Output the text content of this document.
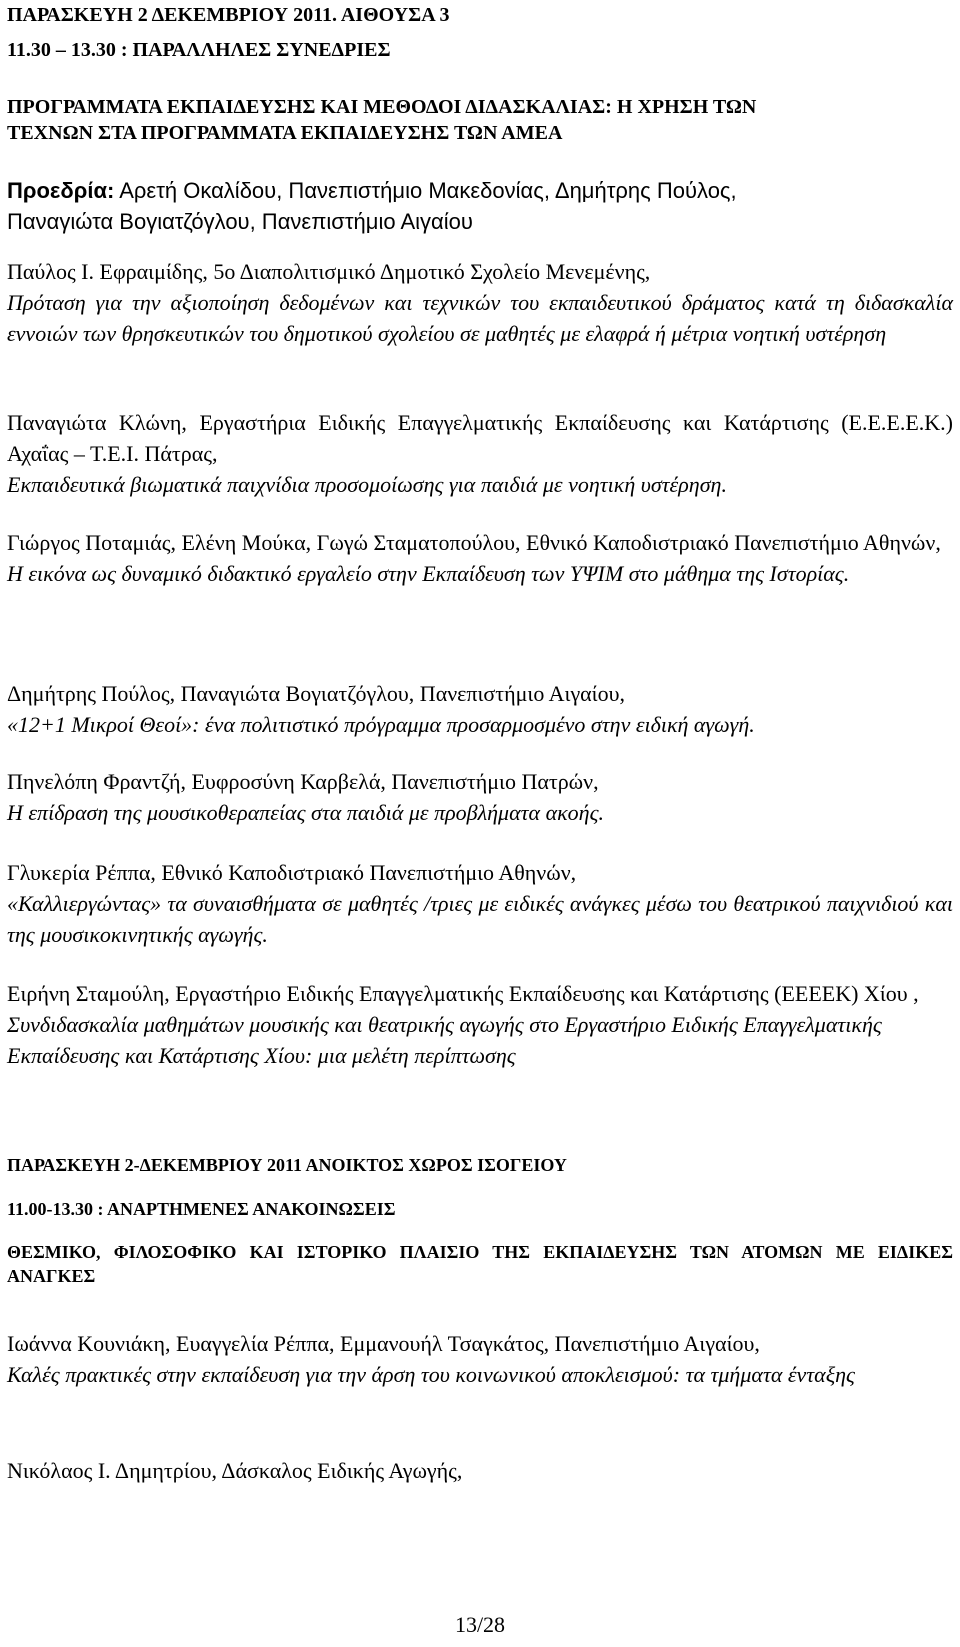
ΠΑΡΑΣΚΕΥΗ 2 ΔΕΚΕΜΒΡΙΟΥ 2011. ΑΙΘΟΥΣΑ 3
11.30 – 13.30 : ΠΑΡΑΛΛΗΛΕΣ ΣΥΝΕΔΡΙΕΣ
ΠΡΟΓΡΑΜΜΑΤΑ ΕΚΠΑΙΔΕΥΣΗΣ ΚΑΙ ΜΕΘΟΔΟΙ ΔΙΔΑΣΚΑΛΙΑΣ: Η ΧΡΗΣΗ ΤΩΝ
ΤΕΧΝΩΝ ΣΤΑ ΠΡΟΓΡΑΜΜΑΤΑ ΕΚΠΑΙΔΕΥΣΗΣ ΤΩΝ ΑΜΕΑ
Προεδρία: Αρετή Οκαλίδου, Πανεπιστήμιο Μακεδονίας, Δημήτρης Πούλος,
Παναγιώτα Βογιατζόγλου, Πανεπιστήμιο Αιγαίου
Παύλος Ι. Εφραιμίδης, 5ο Διαπολιτισμικό Δημοτικό Σχολείο Μενεμένης,
Πρόταση για την αξιοποίηση δεδομένων και τεχνικών του εκπαιδευτικού δράματος κατά τη διδασκαλία εννοιών των θρησκευτικών του δημοτικού σχολείου σε μαθητές με ελαφρά ή μέτρια νοητική υστέρηση
Παναγιώτα Κλώνη, Εργαστήρια Ειδικής Επαγγελματικής Εκπαίδευσης και Κατάρτισης (Ε.Ε.Ε.Ε.Κ.) Αχαΐας – Τ.Ε.Ι. Πάτρας,
Εκπαιδευτικά βιωματικά παιχνίδια προσομοίωσης για παιδιά με νοητική υστέρηση.
Γιώργος Ποταμιάς, Ελένη Μούκα, Γωγώ Σταματοπούλου, Εθνικό Καποδιστριακό Πανεπιστήμιο Αθηνών,
Η εικόνα ως δυναμικό διδακτικό εργαλείο στην Εκπαίδευση των ΥΨΙΜ στο μάθημα της Ιστορίας.
Δημήτρης Πούλος, Παναγιώτα Βογιατζόγλου, Πανεπιστήμιο Αιγαίου,
«12+1 Μικροί Θεοί»: ένα πολιτιστικό πρόγραμμα προσαρμοσμένο στην ειδική αγωγή.
Πηνελόπη Φραντζή, Ευφροσύνη Καρβελά, Πανεπιστήμιο Πατρών,
Η επίδραση της μουσικοθεραπείας στα παιδιά με προβλήματα ακοής.
Γλυκερία Ρέππα, Εθνικό Καποδιστριακό Πανεπιστήμιο Αθηνών,
«Καλλιεργώντας» τα συναισθήματα σε μαθητές /τριες με ειδικές ανάγκες μέσω του θεατρικού παιχνιδιού και της μουσικοκινητικής αγωγής.
Ειρήνη Σταμούλη, Εργαστήριο Ειδικής Επαγγελματικής Εκπαίδευσης και Κατάρτισης (ΕΕΕΕΚ) Χίου ,
Συνδιδασκαλία μαθημάτων μουσικής και θεατρικής αγωγής στο Εργαστήριο Ειδικής Επαγγελματικής Εκπαίδευσης και Κατάρτισης Χίου: μια μελέτη περίπτωσης
ΠΑΡΑΣΚΕΥΗ 2-ΔΕΚΕΜΒΡΙΟΥ 2011 ΑΝΟΙΚΤΟΣ ΧΩΡΟΣ ΙΣΟΓΕΙΟΥ
11.00-13.30 : ΑΝΑΡΤΗΜΕΝΕΣ ΑΝΑΚΟΙΝΩΣΕΙΣ
ΘΕΣΜΙΚΟ, ΦΙΛΟΣΟΦΙΚΟ ΚΑΙ ΙΣΤΟΡΙΚΟ ΠΛΑΙΣΙΟ ΤΗΣ ΕΚΠΑΙΔΕΥΣΗΣ ΤΩΝ ΑΤΟΜΩΝ ΜΕ ΕΙΔΙΚΕΣ ΑΝΑΓΚΕΣ
Ιωάννα Κουνιάκη, Ευαγγελία Ρέππα, Εμμανουήλ Τσαγκάτος, Πανεπιστήμιο Αιγαίου,
Καλές πρακτικές στην εκπαίδευση για την άρση του κοινωνικού αποκλεισμού: τα τμήματα ένταξης
Νικόλαος Ι. Δημητρίου, Δάσκαλος Ειδικής Αγωγής,
13/28
